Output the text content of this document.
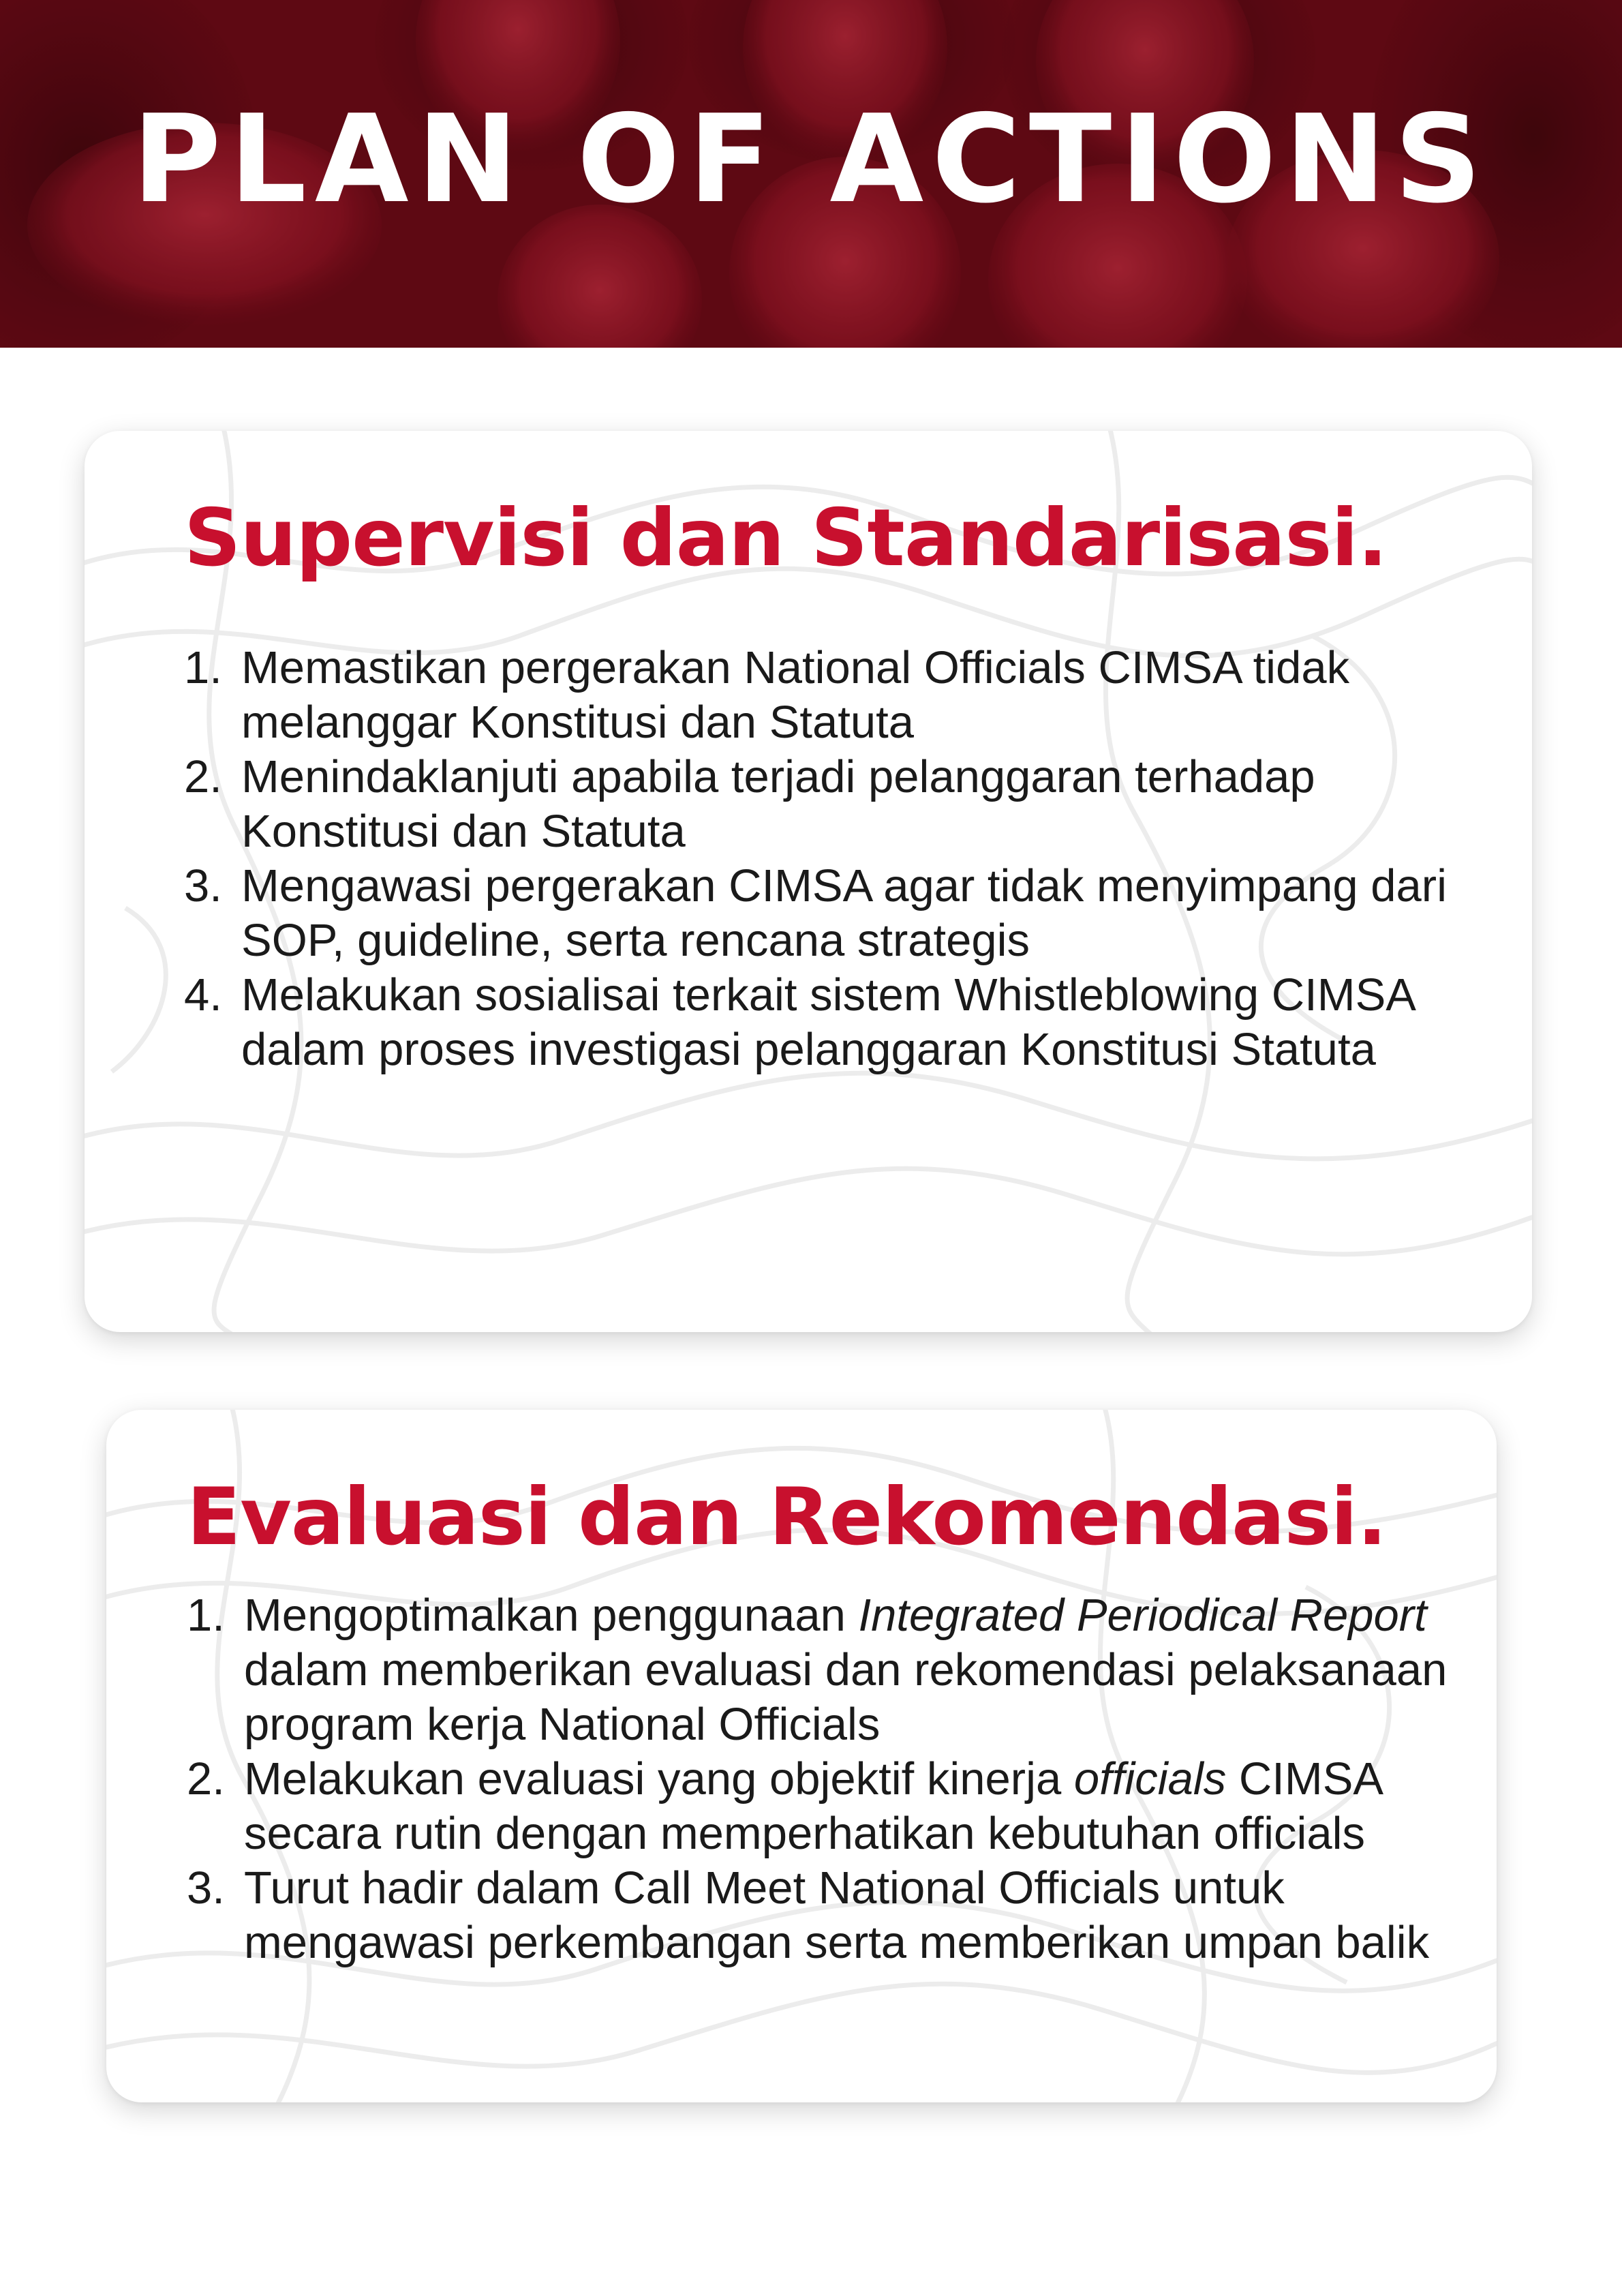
PLAN OF ACTIONS
Supervisi dan Standarisasi.
1. Memastikan pergerakan National Officials CIMSA tidak melanggar Konstitusi dan Statuta
2. Menindaklanjuti apabila terjadi pelanggaran terhadap Konstitusi dan Statuta
3. Mengawasi pergerakan CIMSA agar tidak menyimpang dari SOP, guideline, serta rencana strategis
4. Melakukan sosialisai terkait sistem Whistleblowing CIMSA dalam proses investigasi pelanggaran Konstitusi Statuta
Evaluasi dan Rekomendasi.
1. Mengoptimalkan penggunaan Integrated Periodical Report dalam memberikan evaluasi dan rekomendasi pelaksanaan program kerja National Officials
2. Melakukan evaluasi yang objektif kinerja officials CIMSA secara rutin dengan memperhatikan kebutuhan officials
3. Turut hadir dalam Call Meet National Officials untuk mengawasi perkembangan serta memberikan umpan balik
